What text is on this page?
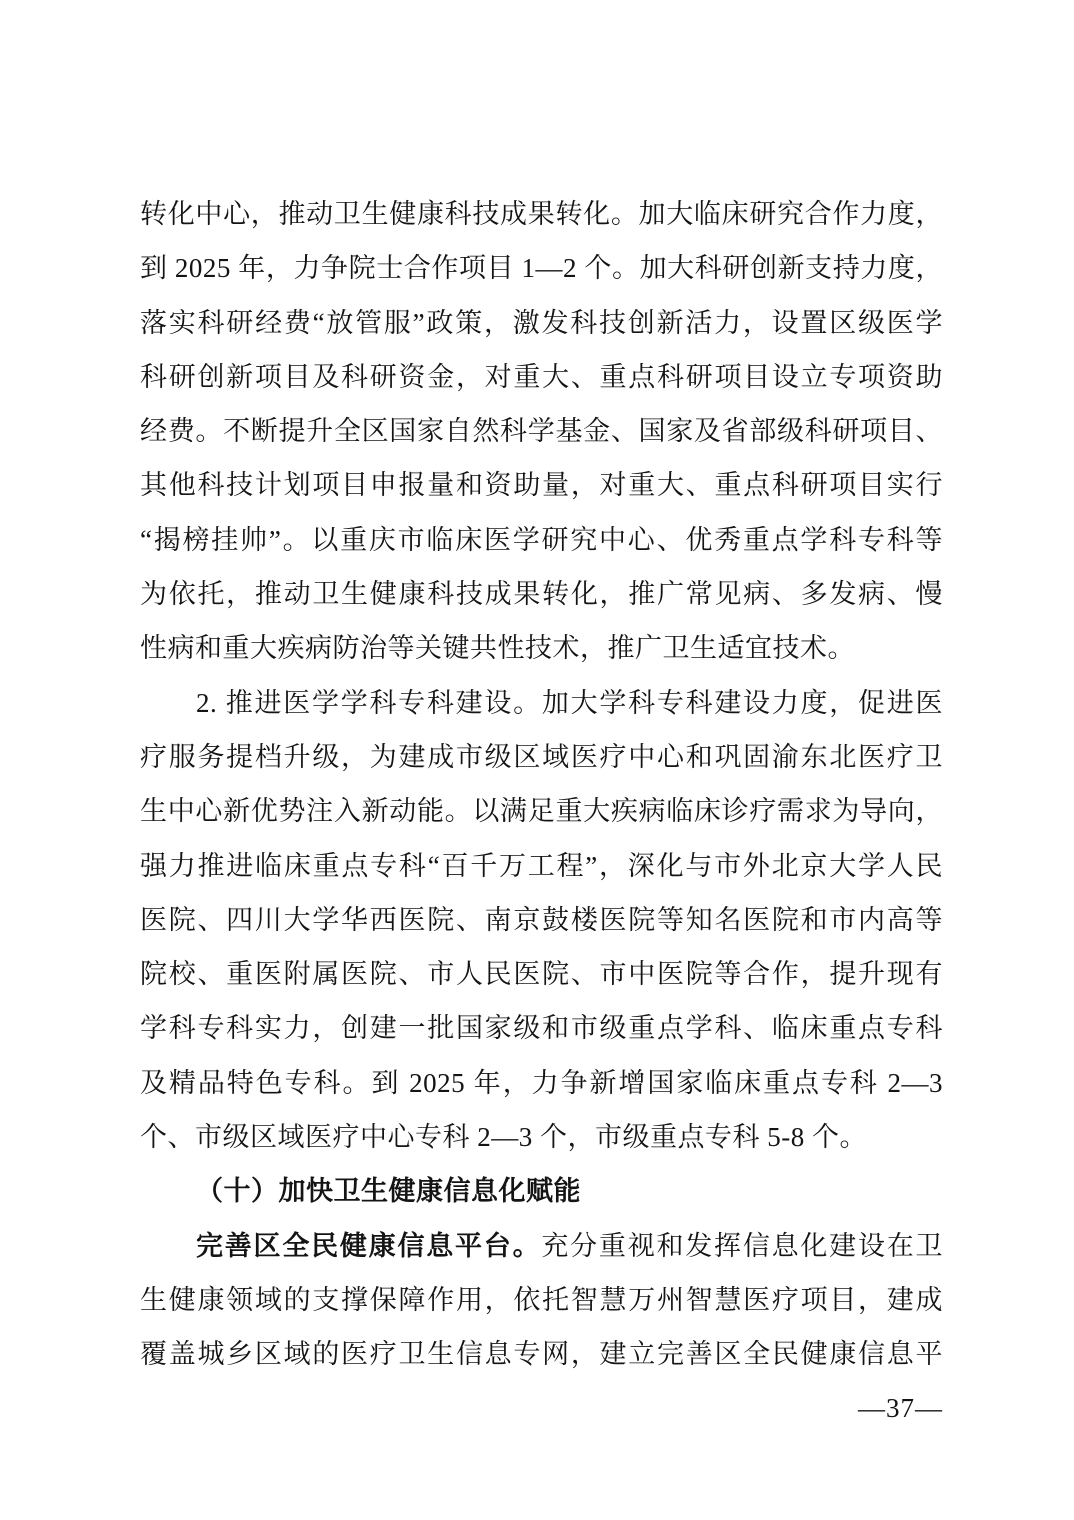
转化中心，推动卫生健康科技成果转化。加大临床研究合作力度，
到 2025 年，力争院士合作项目 1—2 个。加大科研创新支持力度，
落实科研经费“放管服”政策，激发科技创新活力，设置区级医学
科研创新项目及科研资金，对重大、重点科研项目设立专项资助
经费。不断提升全区国家自然科学基金、国家及省部级科研项目、
其他科技计划项目申报量和资助量，对重大、重点科研项目实行
“揭榜挂帅”。以重庆市临床医学研究中心、优秀重点学科专科等
为依托，推动卫生健康科技成果转化，推广常见病、多发病、慢
性病和重大疾病防治等关键共性技术，推广卫生适宜技术。
2. 推进医学学科专科建设。加大学科专科建设力度，促进医
疗服务提档升级，为建成市级区域医疗中心和巩固渝东北医疗卫
生中心新优势注入新动能。以满足重大疾病临床诊疗需求为导向，
强力推进临床重点专科“百千万工程”，深化与市外北京大学人民
医院、四川大学华西医院、南京鼓楼医院等知名医院和市内高等
院校、重医附属医院、市人民医院、市中医院等合作，提升现有
学科专科实力，创建一批国家级和市级重点学科、临床重点专科
及精品特色专科。到 2025 年，力争新增国家临床重点专科 2—3
个、市级区域医疗中心专科 2—3 个，市级重点专科 5-8 个。
（十）加快卫生健康信息化赋能
完善区全民健康信息平台。充分重视和发挥信息化建设在卫
生健康领域的支撑保障作用，依托智慧万州智慧医疗项目，建成
覆盖城乡区域的医疗卫生信息专网，建立完善区全民健康信息平
—37—
